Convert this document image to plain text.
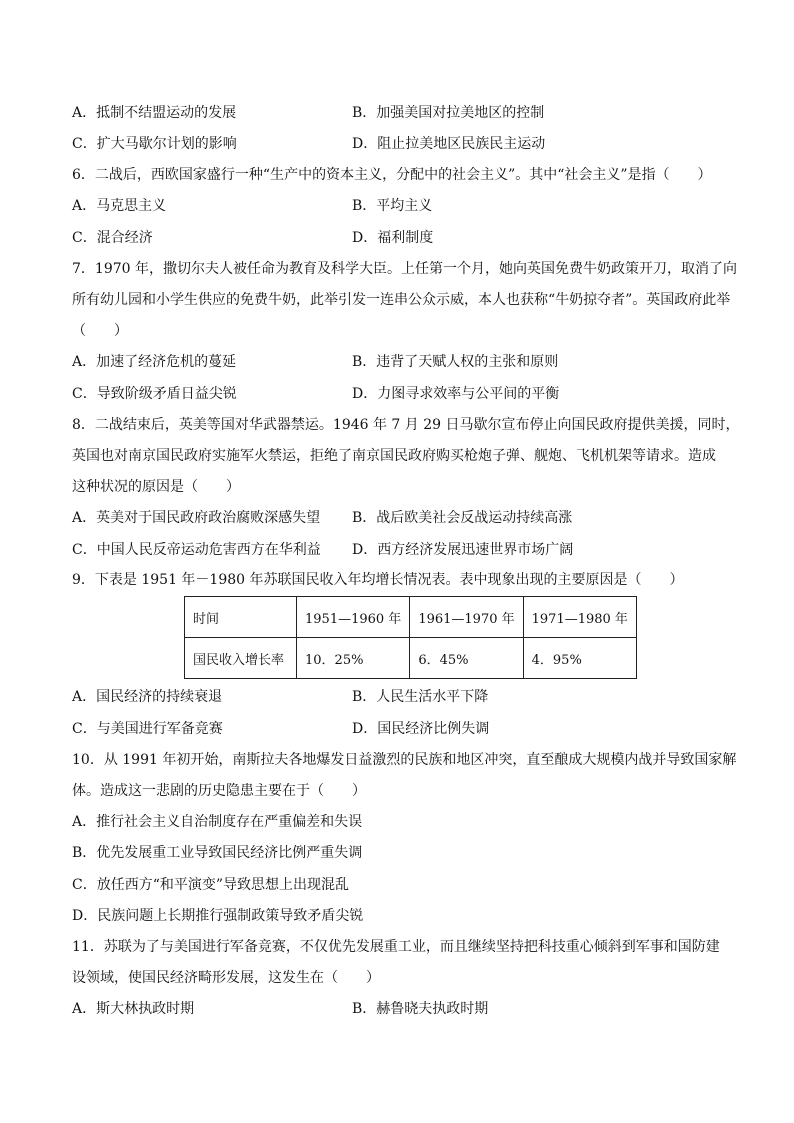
A．抵制不结盟运动的发展	B．加强美国对拉美地区的控制
C．扩大马歇尔计划的影响	D．阻止拉美地区民族民主运动
6．二战后，西欧国家盛行一种“生产中的资本主义，分配中的社会主义”。其中“社会主义”是指（　　）
A．马克思主义	B．平均主义
C．混合经济	D．福利制度
7．1970 年，撒切尔夫人被任命为教育及科学大臣。上任第一个月，她向英国免费牛奶政策开刀，取消了向
所有幼儿园和小学生供应的免费牛奶，此举引发一连串公众示威，本人也获称“牛奶掠夺者”。英国政府此举
（　　）
A．加速了经济危机的蔓延	B．违背了天赋人权的主张和原则
C．导致阶级矛盾日益尖锐	D．力图寻求效率与公平间的平衡
8．二战结束后，英美等国对华武器禁运。1946 年 7 月 29 日马歇尔宣布停止向国民政府提供美援，同时，
英国也对南京国民政府实施军火禁运，拒绝了南京国民政府购买枪炮子弹、舰炮、飞机机架等请求。造成
这种状况的原因是（　　）
A．英美对于国民政府政治腐败深感失望 B．战后欧美社会反战运动持续高涨
C．中国人民反帝运动危害西方在华利益 D．西方经济发展迅速世界市场广阔
9．下表是 1951 年－1980 年苏联国民收入年均增长情况表。表中现象出现的主要原因是（　　）
时间	1951—1960 年	1961—1970 年	1971—1980 年
国民收入增长率	10．25%	6．45%	4．95%
A．国民经济的持续衰退	B．人民生活水平下降
C．与美国进行军备竞赛	D．国民经济比例失调
10．从 1991 年初开始，南斯拉夫各地爆发日益激烈的民族和地区冲突，直至酿成大规模内战并导致国家解
体。造成这一悲剧的历史隐患主要在于（　　）
A．推行社会主义自治制度存在严重偏差和失误
B．优先发展重工业导致国民经济比例严重失调
C．放任西方“和平演变”导致思想上出现混乱
D．民族问题上长期推行强制政策导致矛盾尖锐
11．苏联为了与美国进行军备竞赛，不仅优先发展重工业，而且继续坚持把科技重心倾斜到军事和国防建
设领域，使国民经济畸形发展，这发生在（　　）
A．斯大林执政时期	B．赫鲁晓夫执政时期
